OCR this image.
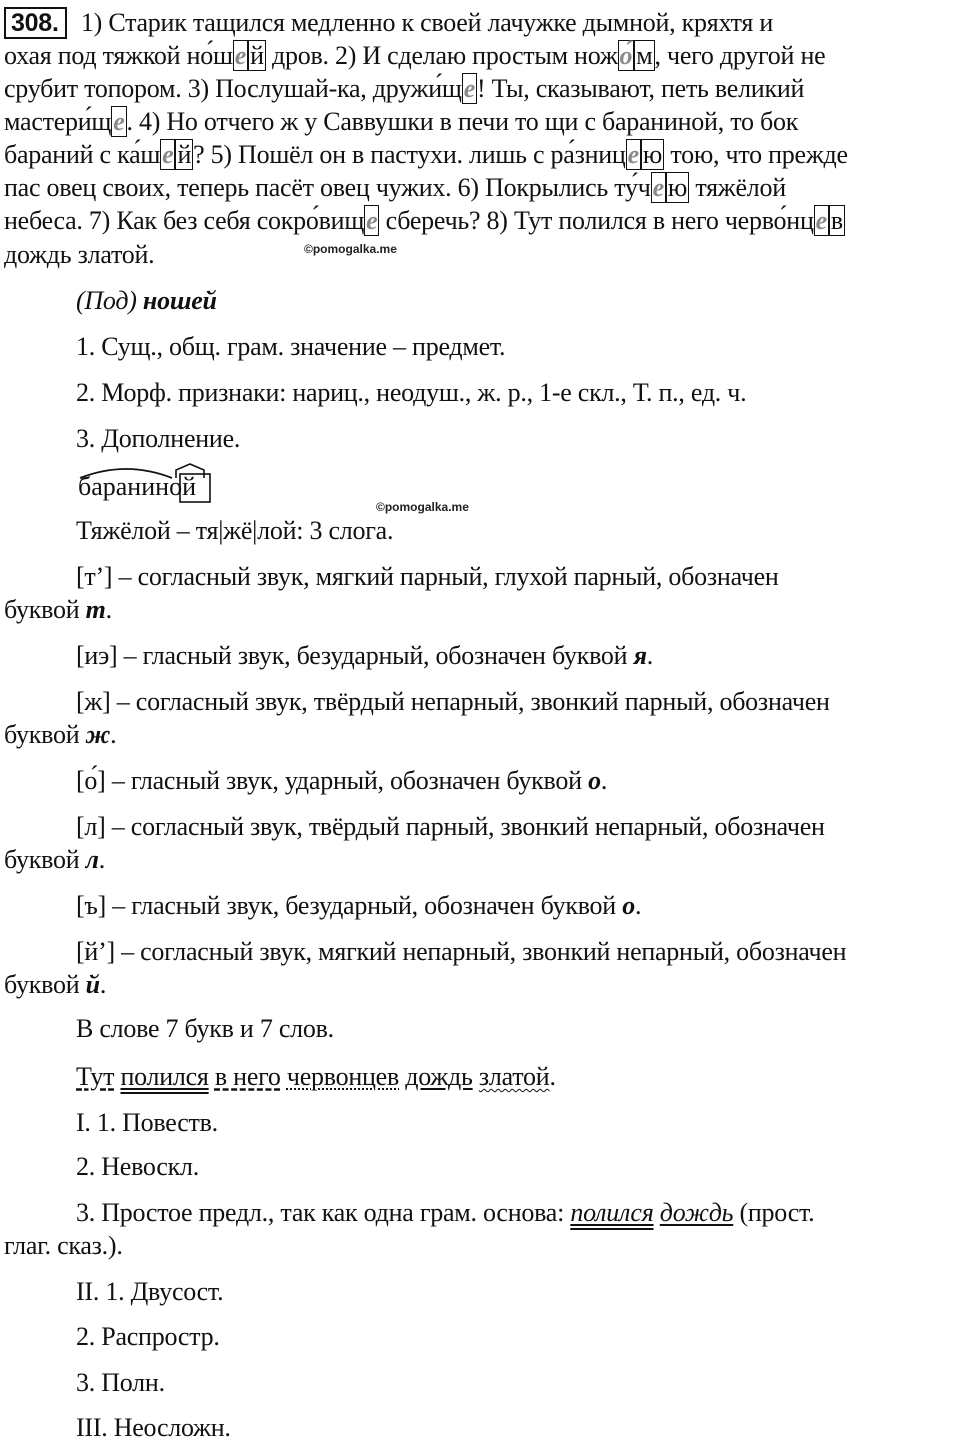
308. 1) Старик тащился медленно к своей лачужке дымной, кряхтя и
охая под тяжкой но́ше й дров. 2) И сделаю простым ножо́ м, чего другой не
срубит топором. 3) Послушай-ка, дружи́ще! Ты, сказывают, петь великий
мастери́ще. 4) Но отчего ж у Саввушки в печи то щи с бараниной, то бок
бараний с ка́ше й? 5) Пошёл он в пастухи. лишь с ра́знице ю тою, что прежде
пас овец своих, теперь пасёт овец чужих. 6) Покрылись ту́че ю тяжёлой
небеса. 7) Как без себя сокро́вище сберечь? 8) Тут полился в него черво́нце в
дождь златой.	©pomogalka.me
(Под) ношей
1. Сущ., общ. грам. значение – предмет.
2. Морф. признаки: нариц., неодуш., ж. р., 1-е скл., Т. п., ед. ч.
3. Дополнение.
бараниной
©pomogalka.me
Тяжёлой – тя|жё|лой: 3 слога.
[т’] – согласный звук, мягкий парный, глухой парный, обозначен
буквой т.
[иэ] – гласный звук, безударный, обозначен буквой я.
[ж] – согласный звук, твёрдый непарный, звонкий парный, обозначен
буквой ж.
[о́] – гласный звук, ударный, обозначен буквой о.
[л] – согласный звук, твёрдый парный, звонкий непарный, обозначен
буквой л.
[ъ] – гласный звук, безударный, обозначен буквой о.
[й’] – согласный звук, мягкий непарный, звонкий непарный, обозначен
буквой й.
В слове 7 букв и 7 слов.
Тут полился в него червонцев дождь златой.
I. 1. Повеств.
2. Невоскл.
3. Простое предл., так как одна грам. основа: полился дождь (прост.
глаг. сказ.).
II. 1. Двусост.
2. Распростр.
3. Полн.
III. Неосложн.
